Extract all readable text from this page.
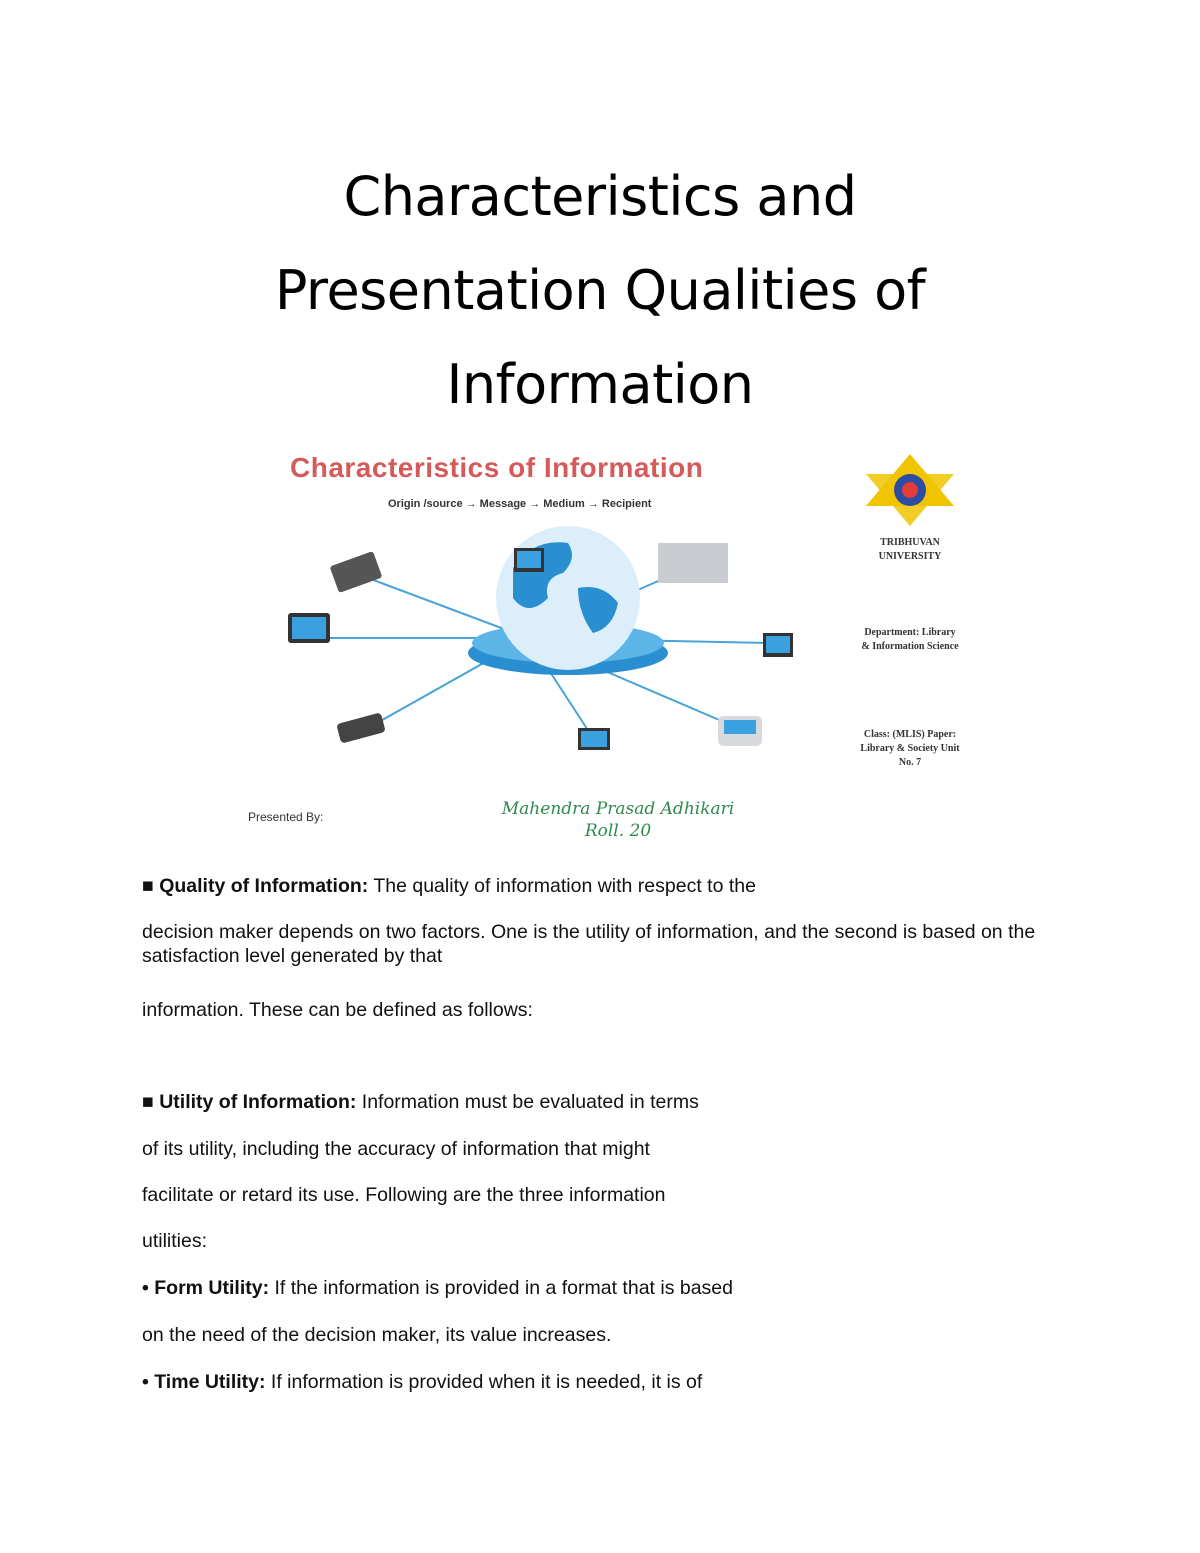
Characteristics and
Presentation Qualities of
Information
Characteristics of Information
Origin /source → Message → Medium → Recipient
TRIBHUVAN UNIVERSITY
Department: Library & Information Science
Class: (MLIS) Paper: Library & Society Unit No. 7
Presented By:	Mahendra Prasad Adhikari
Roll. 20
■ Quality of Information: The quality of information with respect to the
decision maker depends on two factors. One is the utility of information, and the second is based on the satisfaction level generated by that
information. These can be defined as follows:
■ Utility of Information: Information must be evaluated in terms
of its utility, including the accuracy of information that might
facilitate or retard its use. Following are the three information
utilities:
• Form Utility: If the information is provided in a format that is based
on the need of the decision maker, its value increases.
• Time Utility: If information is provided when it is needed, it is of
